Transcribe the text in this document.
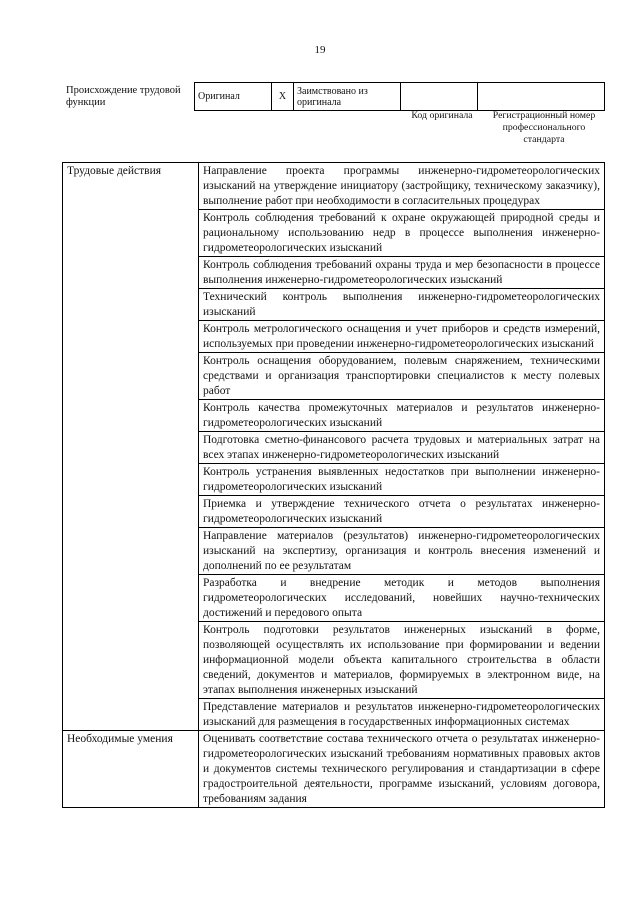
19
Происхождение трудовой функции
Оригинал	X	Заимствовано из оригинала		
Код оригинала	Регистрационный номер профессионального стандарта
Трудовые действия	Направление проекта программы инженерно-гидрометеорологических изысканий на утверждение инициатору (застройщику, техническому заказчику), выполнение работ при необходимости в согласительных процедурах
	Контроль соблюдения требований к охране окружающей природной среды и рациональному использованию недр в процессе выполнения инженерно-гидрометеорологических изысканий
	Контроль соблюдения требований охраны труда и мер безопасности в процессе выполнения инженерно-гидрометеорологических изысканий
	Технический контроль выполнения инженерно-гидрометеорологических изысканий
	Контроль метрологического оснащения и учет приборов и средств измерений, используемых при проведении инженерно-гидрометеорологических изысканий
	Контроль оснащения оборудованием, полевым снаряжением, техническими средствами и организация транспортировки специалистов к месту полевых работ
	Контроль качества промежуточных материалов и результатов инженерно-гидрометеорологических изысканий
	Подготовка сметно-финансового расчета трудовых и материальных затрат на всех этапах инженерно-гидрометеорологических изысканий
	Контроль устранения выявленных недостатков при выполнении инженерно-гидрометеорологических изысканий
	Приемка и утверждение технического отчета о результатах инженерно-гидрометеорологических изысканий
	Направление материалов (результатов) инженерно-гидрометеорологических изысканий на экспертизу, организация и контроль внесения изменений и дополнений по ее результатам
	Разработка и внедрение методик и методов выполнения гидрометеорологических исследований, новейших научно-технических достижений и передового опыта
	Контроль подготовки результатов инженерных изысканий в форме, позволяющей осуществлять их использование при формировании и ведении информационной модели объекта капитального строительства в области сведений, документов и материалов, формируемых в электронном виде, на этапах выполнения инженерных изысканий
	Представление материалов и результатов инженерно-гидрометеорологических изысканий для размещения в государственных информационных системах
Необходимые умения	Оценивать соответствие состава технического отчета о результатах инженерно-гидрометеорологических изысканий требованиям нормативных правовых актов и документов системы технического регулирования и стандартизации в сфере градостроительной деятельности, программе изысканий, условиям договора, требованиям задания
